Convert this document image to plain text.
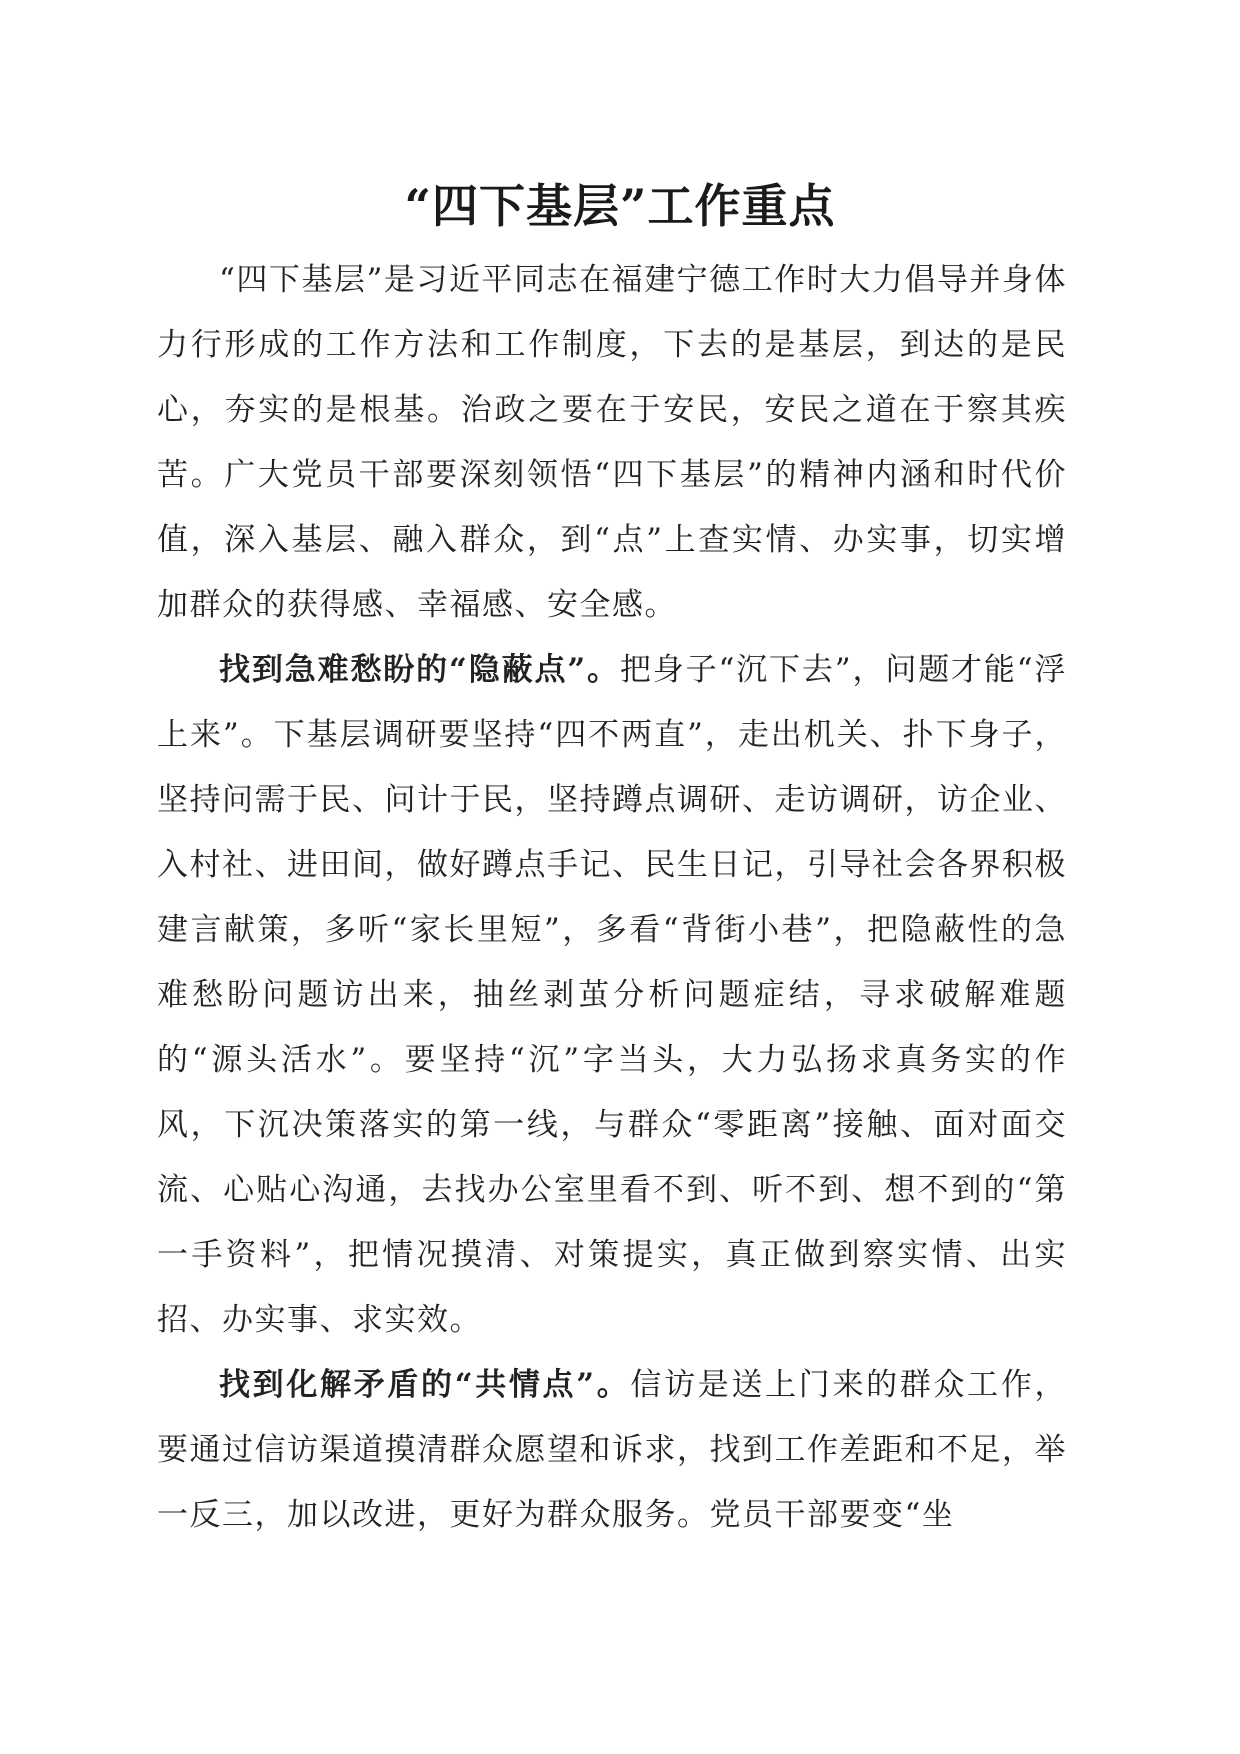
“四下基层”工作重点

“四下基层”是习近平同志在福建宁德工作时大力倡导并身体力行形成的工作方法和工作制度，下去的是基层，到达的是民心，夯实的是根基。治政之要在于安民，安民之道在于察其疾苦。广大党员干部要深刻领悟“四下基层”的精神内涵和时代价值，深入基层、融入群众，到“点”上查实情、办实事，切实增加群众的获得感、幸福感、安全感。

找到急难愁盼的“隐蔽点”。把身子“沉下去”，问题才能“浮上来”。下基层调研要坚持“四不两直”，走出机关、扑下身子，坚持问需于民、问计于民，坚持蹲点调研、走访调研，访企业、入村社、进田间，做好蹲点手记、民生日记，引导社会各界积极建言献策，多听“家长里短”，多看“背街小巷”，把隐蔽性的急难愁盼问题访出来，抽丝剥茧分析问题症结，寻求破解难题的“源头活水”。要坚持“沉”字当头，大力弘扬求真务实的作风，下沉决策落实的第一线，与群众“零距离”接触、面对面交流、心贴心沟通，去找办公室里看不到、听不到、想不到的“第一手资料”，把情况摸清、对策提实，真正做到察实情、出实招、办实事、求实效。

找到化解矛盾的“共情点”。信访是送上门来的群众工作，要通过信访渠道摸清群众愿望和诉求，找到工作差距和不足，举一反三，加以改进，更好为群众服务。党员干部要变“坐
